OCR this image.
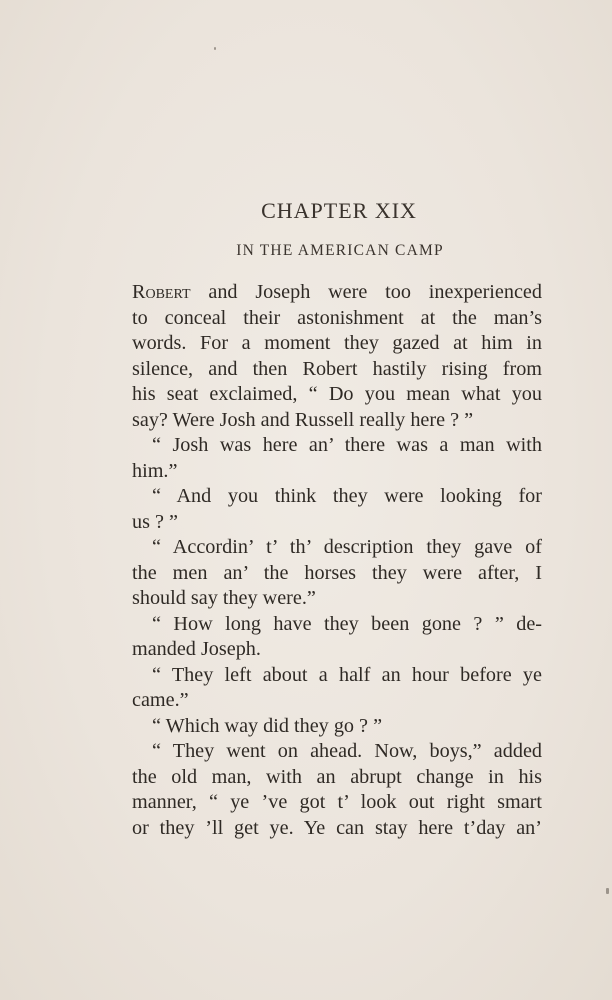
CHAPTER XIX
IN THE AMERICAN CAMP
Robert and Joseph were too inexperienced
to conceal their astonishment at the man’s
words. For a moment they gazed at him in
silence, and then Robert hastily rising from
his seat exclaimed, “ Do you mean what you
say? Were Josh and Russell really here ? ”
“ Josh was here an’ there was a man with
him.”
“ And you think they were looking for
us ? ”
“ Accordin’ t’ th’ description they gave of
the men an’ the horses they were after, I
should say they were.”
“ How long have they been gone ? ” de-
manded Joseph.
“ They left about a half an hour before ye
came.”
“ Which way did they go ? ”
“ They went on ahead. Now, boys,” added
the old man, with an abrupt change in his
manner, “ ye ’ve got t’ look out right smart
or they ’ll get ye. Ye can stay here t’day an’
